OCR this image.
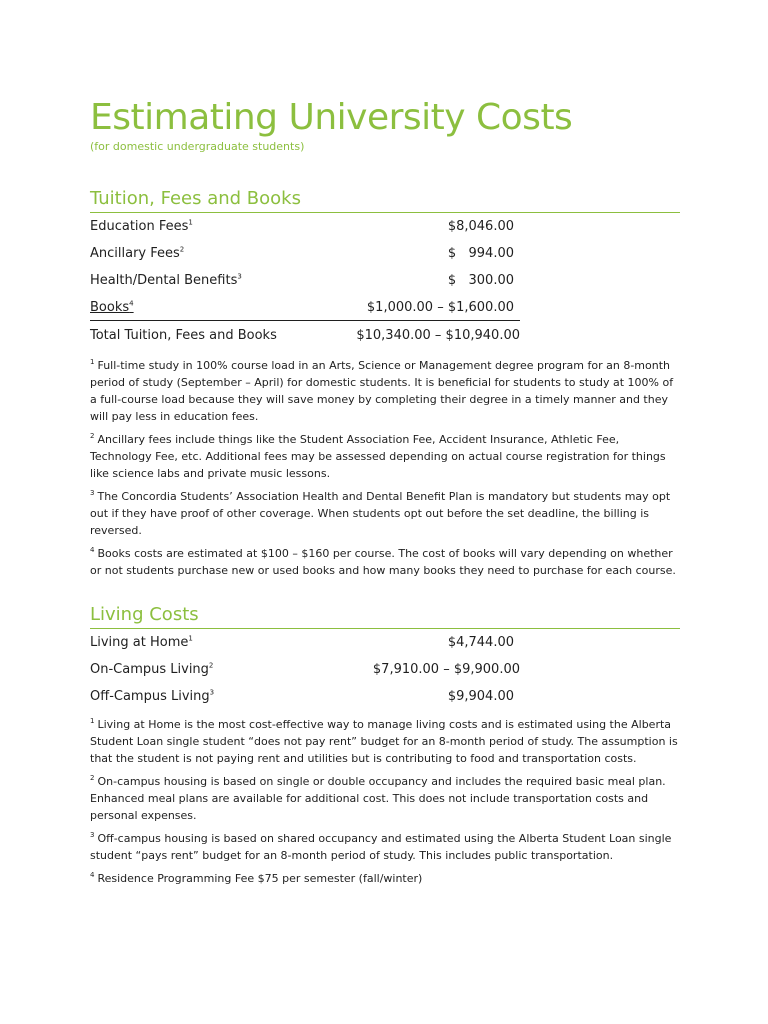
Estimating University Costs
(for domestic undergraduate students)
Tuition, Fees and Books
Education Fees$^1$	$8,046.00
Ancillary Fees$^2$	$   994.00
Health/Dental Benefits$^3$	$   300.00
Books$^4$	$1,000.00 – $1,600.00
Total Tuition, Fees and Books	$10,340.00 – $10,940.00

$^1$ Full-time study in 100% course load in an Arts, Science or Management degree program for an 8-month period of study (September – April) for domestic students. It is beneficial for students to study at 100% of a full-course load because they will save money by completing their degree in a timely manner and they will pay less in education fees.

$^2$ Ancillary fees include things like the Student Association Fee, Accident Insurance, Athletic Fee, Technology Fee, etc. Additional fees may be assessed depending on actual course registration for things like science labs and private music lessons.

$^3$ The Concordia Students’ Association Health and Dental Benefit Plan is mandatory but students may opt out if they have proof of other coverage. When students opt out before the set deadline, the billing is reversed.

$^4$ Books costs are estimated at $100 – $160 per course. The cost of books will vary depending on whether or not students purchase new or used books and how many books they need to purchase for each course.

Living Costs
Living at Home$^1$	$4,744.00
On-Campus Living$^2$	$7,910.00 – $9,900.00
Off-Campus Living$^3$	$9,904.00

$^1$ Living at Home is the most cost-effective way to manage living costs and is estimated using the Alberta Student Loan single student “does not pay rent” budget for an 8-month period of study. The assumption is that the student is not paying rent and utilities but is contributing to food and transportation costs.

$^2$ On-campus housing is based on single or double occupancy and includes the required basic meal plan. Enhanced meal plans are available for additional cost. This does not include transportation costs and personal expenses.

$^3$ Off-campus housing is based on shared occupancy and estimated using the Alberta Student Loan single student “pays rent” budget for an 8-month period of study. This includes public transportation.

$^4$ Residence Programming Fee $75 per semester (fall/winter)
